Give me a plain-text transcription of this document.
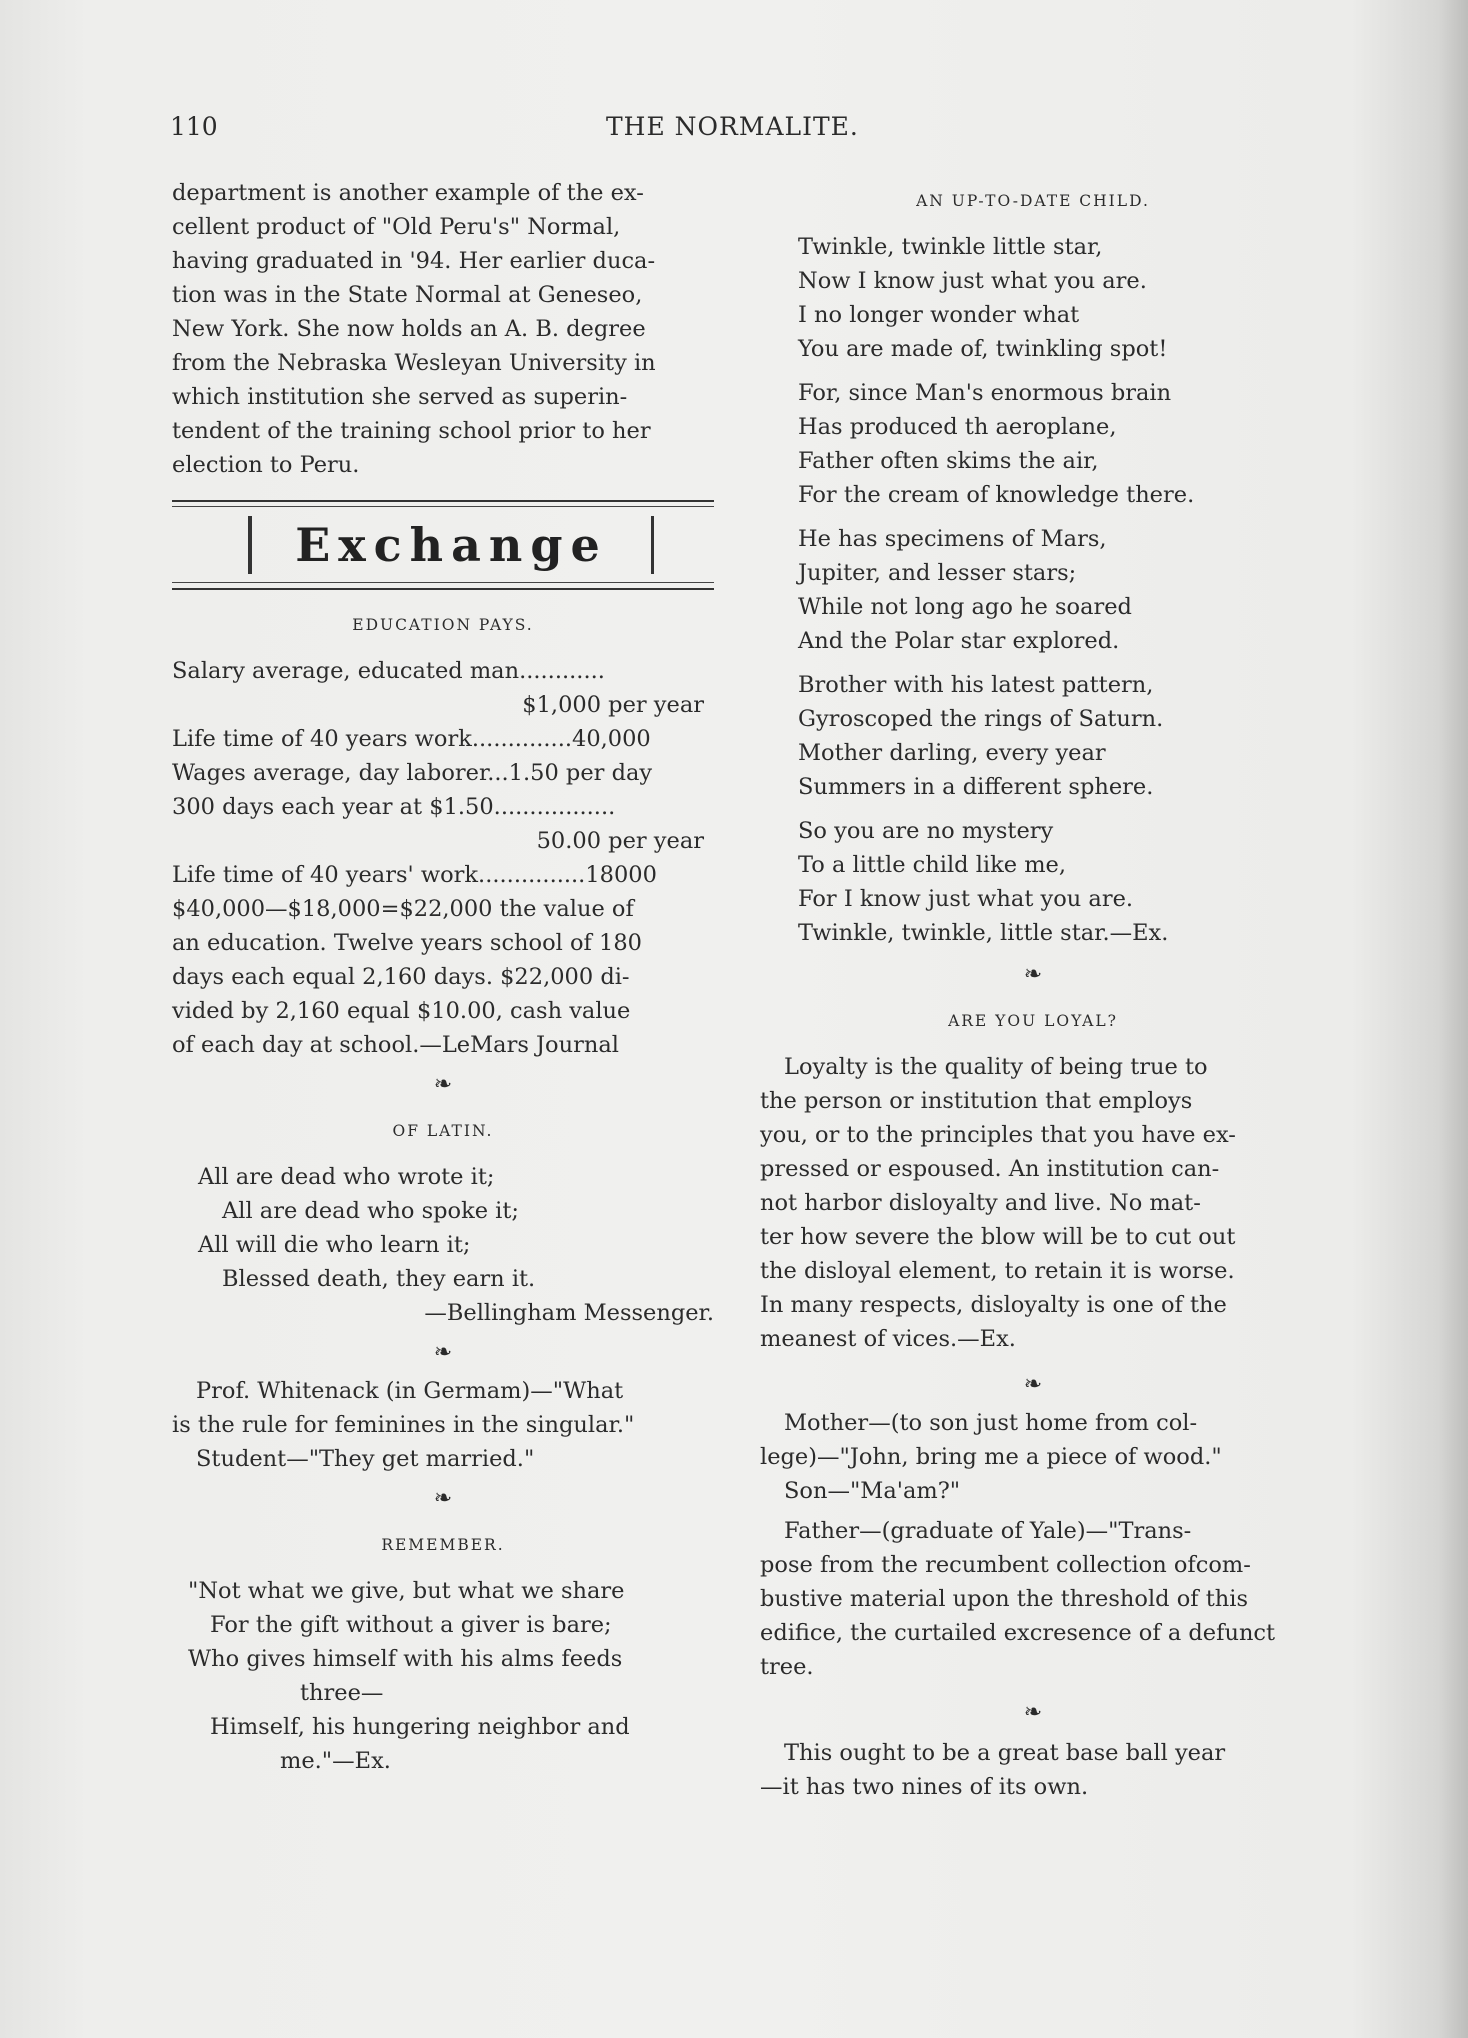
110	THE NORMALITE.
department is another example of the ex-
cellent product of "Old Peru's" Normal,
having graduated in '94. Her earlier duca-
tion was in the State Normal at Geneseo,
New York. She now holds an A. B. degree
from the Nebraska Wesleyan University in
which institution she served as superin-
tendent of the training school prior to her
election to Peru.
Exchange
EDUCATION PAYS.
Salary average, educated man............
$1,000 per year
Life time of 40 years work..............40,000
Wages average, day laborer...1.50 per day
300 days each year at $1.50.................
50.00 per year
Life time of 40 years' work...............18000
$40,000—$18,000=$22,000 the value of
an education. Twelve years school of 180
days each equal 2,160 days. $22,000 di-
vided by 2,160 equal $10.00, cash value
of each day at school.—LeMars Journal
❧
OF LATIN.
All are dead who wrote it;
All are dead who spoke it;
All will die who learn it;
Blessed death, they earn it.
—Bellingham Messenger.
❧
Prof. Whitenack (in Germam)—"What
is the rule for feminines in the singular."
Student—"They get married."
❧
REMEMBER.
"Not what we give, but what we share
For the gift without a giver is bare;
Who gives himself with his alms feeds
three—
Himself, his hungering neighbor and
me."—Ex.
AN UP-TO-DATE CHILD.
Twinkle, twinkle little star,
Now I know just what you are.
I no longer wonder what
You are made of, twinkling spot!
For, since Man's enormous brain
Has produced th aeroplane,
Father often skims the air,
For the cream of knowledge there.
He has specimens of Mars,
Jupiter, and lesser stars;
While not long ago he soared
And the Polar star explored.
Brother with his latest pattern,
Gyroscoped the rings of Saturn.
Mother darling, every year
Summers in a different sphere.
So you are no mystery
To a little child like me,
For I know just what you are.
Twinkle, twinkle, little star.—Ex.
❧
ARE YOU LOYAL?
Loyalty is the quality of being true to
the person or institution that employs
you, or to the principles that you have ex-
pressed or espoused. An institution can-
not harbor disloyalty and live. No mat-
ter how severe the blow will be to cut out
the disloyal element, to retain it is worse.
In many respects, disloyalty is one of the
meanest of vices.—Ex.
❧
Mother—(to son just home from col-
lege)—"John, bring me a piece of wood."
Son—"Ma'am?"
Father—(graduate of Yale)—"Trans-
pose from the recumbent collection ofcom-
bustive material upon the threshold of this
edifice, the curtailed excresence of a defunct
tree.
❧
This ought to be a great base ball year
—it has two nines of its own.
